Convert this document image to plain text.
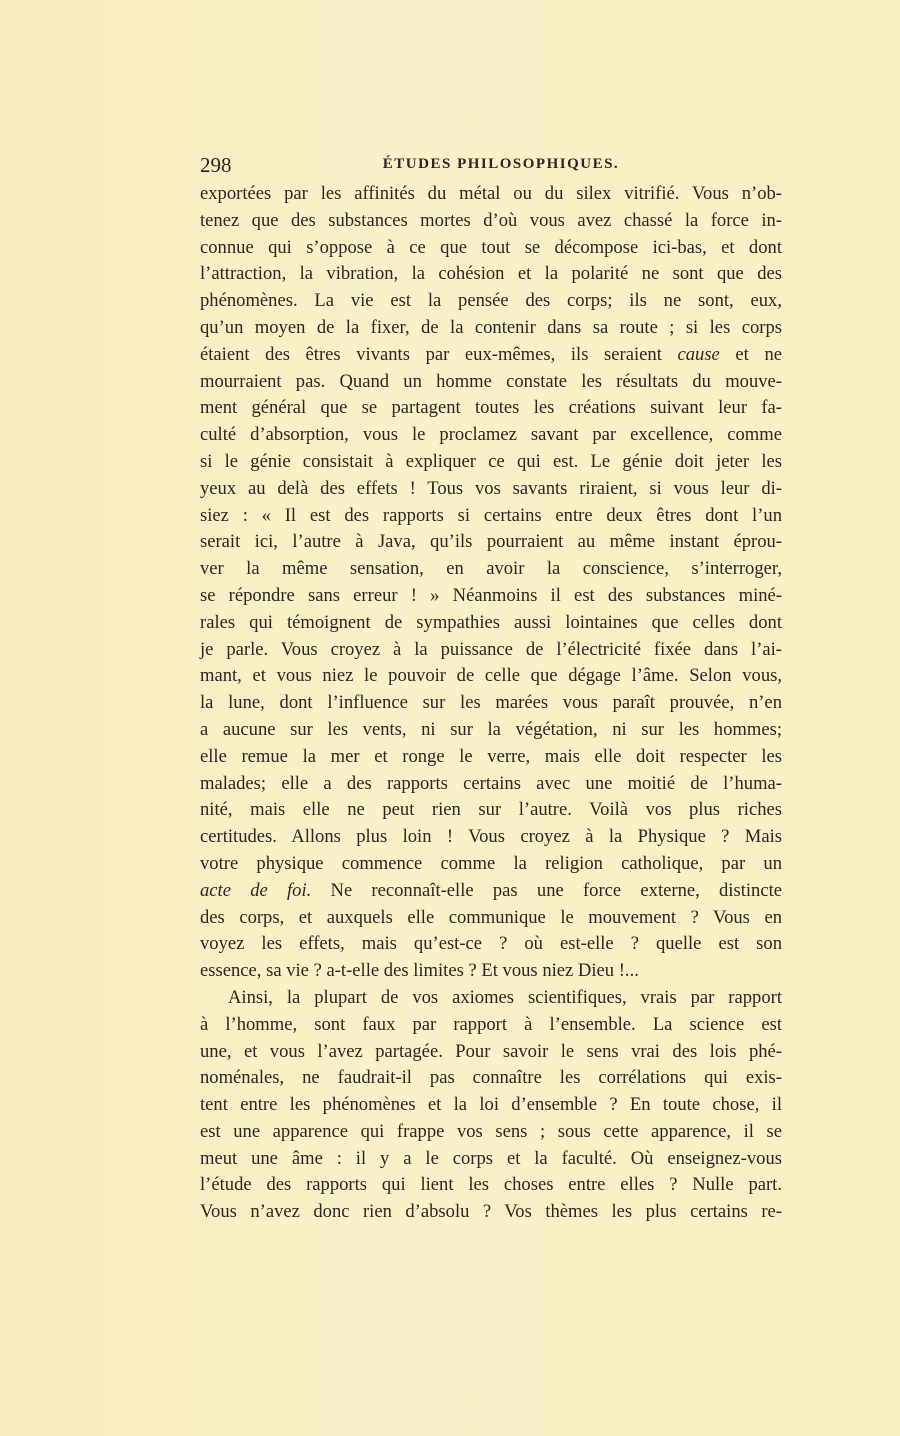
298	ÉTUDES PHILOSOPHIQUES.
exportées par les affinités du métal ou du silex vitrifié. Vous n’ob-
tenez que des substances mortes d’où vous avez chassé la force in-
connue qui s’oppose à ce que tout se décompose ici-bas, et dont
l’attraction, la vibration, la cohésion et la polarité ne sont que des
phénomènes. La vie est la pensée des corps; ils ne sont, eux,
qu’un moyen de la fixer, de la contenir dans sa route ; si les corps
étaient des êtres vivants par eux-mêmes, ils seraient cause et ne
mourraient pas. Quand un homme constate les résultats du mouve-
ment général que se partagent toutes les créations suivant leur fa-
culté d’absorption, vous le proclamez savant par excellence, comme
si le génie consistait à expliquer ce qui est. Le génie doit jeter les
yeux au delà des effets ! Tous vos savants riraient, si vous leur di-
siez : « Il est des rapports si certains entre deux êtres dont l’un
serait ici, l’autre à Java, qu’ils pourraient au même instant éprou-
ver la même sensation, en avoir la conscience, s’interroger,
se répondre sans erreur ! » Néanmoins il est des substances miné-
rales qui témoignent de sympathies aussi lointaines que celles dont
je parle. Vous croyez à la puissance de l’électricité fixée dans l’ai-
mant, et vous niez le pouvoir de celle que dégage l’âme. Selon vous,
la lune, dont l’influence sur les marées vous paraît prouvée, n’en
a aucune sur les vents, ni sur la végétation, ni sur les hommes;
elle remue la mer et ronge le verre, mais elle doit respecter les
malades; elle a des rapports certains avec une moitié de l’huma-
nité, mais elle ne peut rien sur l’autre. Voilà vos plus riches
certitudes. Allons plus loin ! Vous croyez à la Physique ? Mais
votre physique commence comme la religion catholique, par un
acte de foi. Ne reconnaît-elle pas une force externe, distincte
des corps, et auxquels elle communique le mouvement ? Vous en
voyez les effets, mais qu’est-ce ? où est-elle ? quelle est son
essence, sa vie ? a-t-elle des limites ? Et vous niez Dieu !...
Ainsi, la plupart de vos axiomes scientifiques, vrais par rapport
à l’homme, sont faux par rapport à l’ensemble. La science est
une, et vous l’avez partagée. Pour savoir le sens vrai des lois phé-
noménales, ne faudrait-il pas connaître les corrélations qui exis-
tent entre les phénomènes et la loi d’ensemble ? En toute chose, il
est une apparence qui frappe vos sens ; sous cette apparence, il se
meut une âme : il y a le corps et la faculté. Où enseignez-vous
l’étude des rapports qui lient les choses entre elles ? Nulle part.
Vous n’avez donc rien d’absolu ? Vos thèmes les plus certains re-
